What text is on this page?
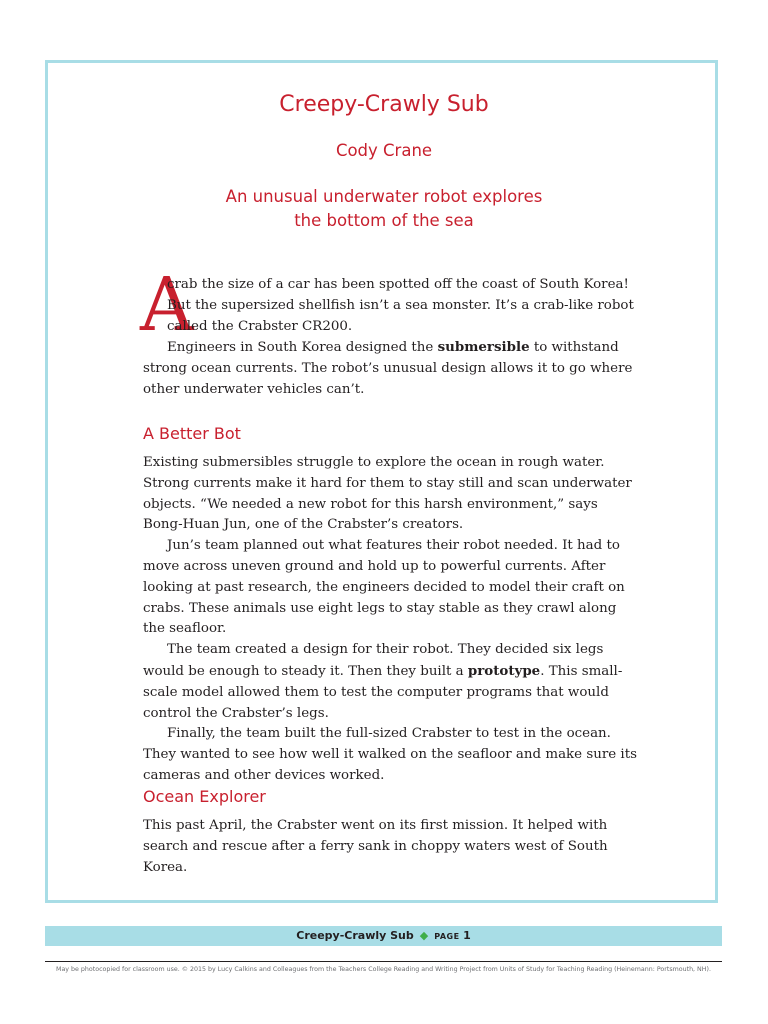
Creepy-Crawly Sub
Cody Crane
An unusual underwater robot explores
the bottom of the sea
A
crab the size of a car has been spotted off the coast of South Korea!
But the supersized shellfish isn’t a sea monster. It’s a crab-like robot
called the Crabster CR200.

Engineers in South Korea designed the submersible to withstand strong ocean currents. The robot’s unusual design allows it to go where other underwater vehicles can’t.

A Better Bot

Existing submersibles struggle to explore the ocean in rough water. Strong currents make it hard for them to stay still and scan underwater objects. “We needed a new robot for this harsh environment,” says Bong-Huan Jun, one of the Crabster’s creators.

Jun’s team planned out what features their robot needed. It had to move across uneven ground and hold up to powerful currents. After looking at past research, the engineers decided to model their craft on crabs. These animals use eight legs to stay stable as they crawl along the seafloor.

The team created a design for their robot. They decided six legs would be enough to steady it. Then they built a prototype. This small-scale model allowed them to test the computer programs that would control the Crabster’s legs.

Finally, the team built the full-sized Crabster to test in the ocean. They wanted to see how well it walked on the seafloor and make sure its cameras and other devices worked.

Ocean Explorer

This past April, the Crabster went on its first mission. It helped with search and rescue after a ferry sank in choppy waters west of South Korea.

Creepy-Crawly Sub ◆ PAGE 1
May be photocopied for classroom use. © 2015 by Lucy Calkins and Colleagues from the Teachers College Reading and Writing Project from Units of Study for Teaching Reading (Heinemann: Portsmouth, NH).
